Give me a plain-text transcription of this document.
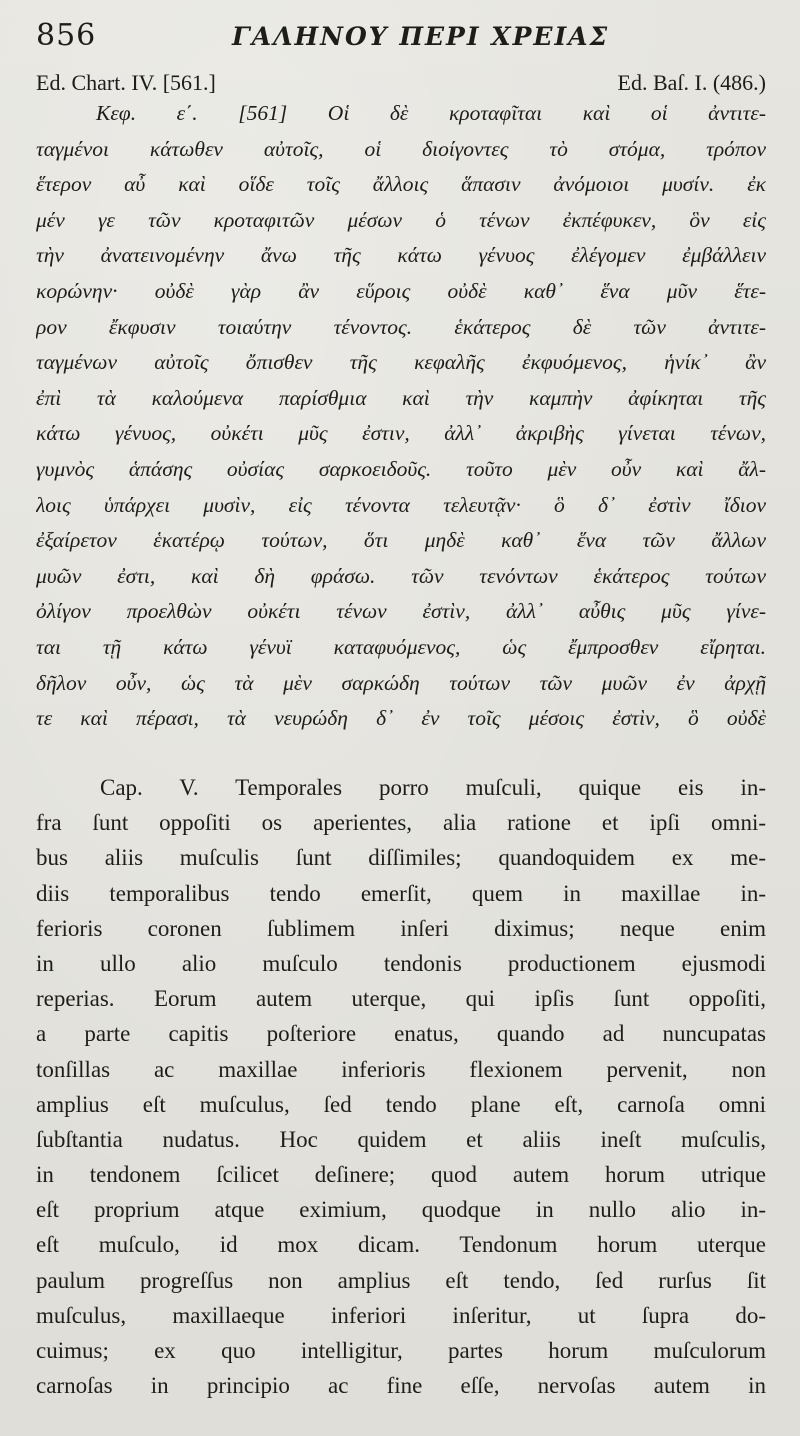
856	ΓΑΛΗΝΟΥ ΠΕΡΙ ΧΡΕΙΑΣ
Ed. Chart. IV. [561.]	Ed. Baſ. I. (486.)
Κεφ. ε΄. [561] Οἱ δὲ κροταφῖται καὶ οἱ ἀντιτε-
ταγμένοι κάτωθεν αὐτοῖς, οἱ διοίγοντες τὸ στόμα, τρόπον
ἕτερον αὖ καὶ οἵδε τοῖς ἄλλοις ἅπασιν ἀνόμοιοι μυσίν. ἐκ
μέν γε τῶν κροταφιτῶν μέσων ὁ τένων ἐκπέφυκεν, ὃν εἰς
τὴν ἀνατεινομένην ἄνω τῆς κάτω γένυος ἐλέγομεν ἐμβάλλειν
κορώνην· οὐδὲ γὰρ ἂν εὕροις οὐδὲ καθ᾽ ἕνα μῦν ἕτε-
ρον ἔκφυσιν τοιαύτην τένοντος. ἑκάτερος δὲ τῶν ἀντιτε-
ταγμένων αὐτοῖς ὄπισθεν τῆς κεφαλῆς ἐκφυόμενος, ἡνίκ᾽ ἂν
ἐπὶ τὰ καλούμενα παρίσθμια καὶ τὴν καμπὴν ἀφίκηται τῆς
κάτω γένυος, οὐκέτι μῦς ἐστιν, ἀλλ᾽ ἀκριβὴς γίνεται τένων,
γυμνὸς ἁπάσης οὐσίας σαρκοειδοῦς. τοῦτο μὲν οὖν καὶ ἄλ-
λοις ὑπάρχει μυσὶν, εἰς τένοντα τελευτᾷν· ὃ δ᾽ ἐστὶν ἴδιον
ἐξαίρετον ἑκατέρῳ τούτων, ὅτι μηδὲ καθ᾽ ἕνα τῶν ἄλλων
μυῶν ἐστι, καὶ δὴ φράσω. τῶν τενόντων ἑκάτερος τούτων
ὀλίγον προελθὼν οὐκέτι τένων ἐστὶν, ἀλλ᾽ αὖθις μῦς γίνε-
ται τῇ κάτω γένυϊ καταφυόμενος, ὡς ἔμπροσθεν εἴρηται.
δῆλον οὖν, ὡς τὰ μὲν σαρκώδη τούτων τῶν μυῶν ἐν ἀρχῇ
τε καὶ πέρασι, τὰ νευρώδη δ᾽ ἐν τοῖς μέσοις ἐστὶν, ὃ οὐδὲ
Cap. V. Temporales porro muſculi, quique eis in-
fra ſunt oppoſiti os aperientes, alia ratione et ipſi omni-
bus aliis muſculis ſunt diſſimiles; quandoquidem ex me-
diis temporalibus tendo emerſit, quem in maxillae in-
ferioris coronen ſublimem inſeri diximus; neque enim
in ullo alio muſculo tendonis productionem ejusmodi
reperias. Eorum autem uterque, qui ipſis ſunt oppoſiti,
a parte capitis poſteriore enatus, quando ad nuncupatas
tonſillas ac maxillae inferioris flexionem pervenit, non
amplius eſt muſculus, ſed tendo plane eſt, carnoſa omni
ſubſtantia nudatus. Hoc quidem et aliis ineſt muſculis,
in tendonem ſcilicet deſinere; quod autem horum utrique
eſt proprium atque eximium, quodque in nullo alio in-
eſt muſculo, id mox dicam. Tendonum horum uterque
paulum progreſſus non amplius eſt tendo, ſed rurſus ſit
muſculus, maxillaeque inferiori inſeritur, ut ſupra do-
cuimus; ex quo intelligitur, partes horum muſculorum
carnoſas in principio ac fine eſſe, nervoſas autem in
